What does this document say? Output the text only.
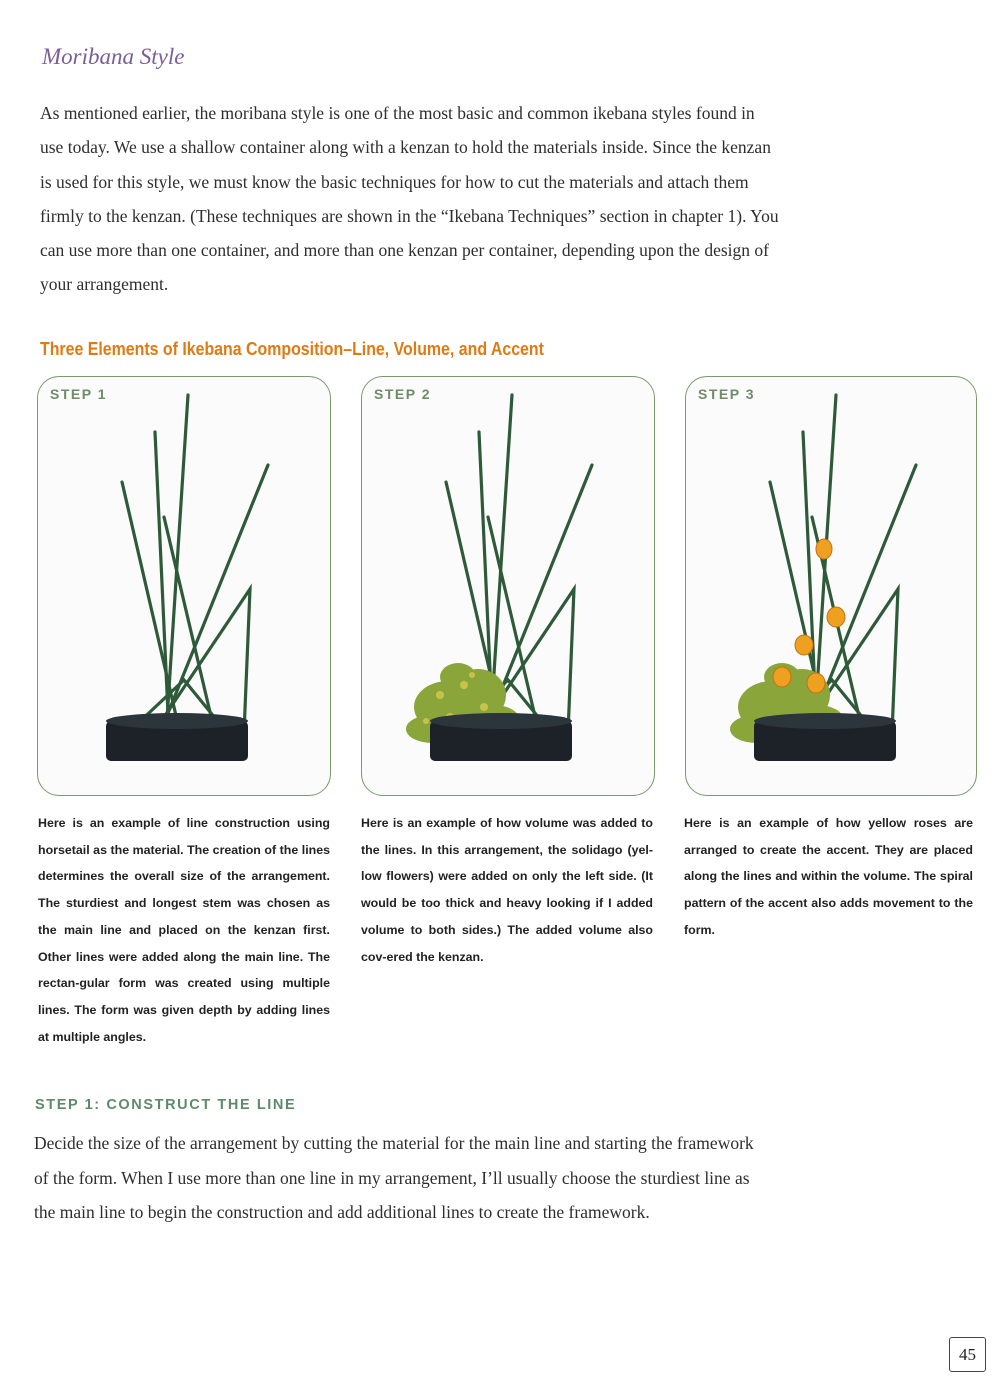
Moribana Style
As mentioned earlier, the moribana style is one of the most basic and common ikebana styles found in use today. We use a shallow container along with a kenzan to hold the materials inside. Since the kenzan is used for this style, we must know the basic techniques for how to cut the materials and attach them firmly to the kenzan. (These techniques are shown in the “Ikebana Techniques” section in chapter 1). You can use more than one container, and more than one kenzan per container, depending upon the design of your arrangement.
Three Elements of Ikebana Composition–Line, Volume, and Accent
STEP 1	STEP 2	STEP 3
Here is an example of line construction using horsetail as the material. The creation of the lines determines the overall size of the arrangement. The sturdiest and longest stem was chosen as the main line and placed on the kenzan first. Other lines were added along the main line. The rectan-gular form was created using multiple lines. The form was given depth by adding lines at multiple angles.
Here is an example of how volume was added to the lines. In this arrangement, the solidago (yel-low flowers) were added on only the left side. (It would be too thick and heavy looking if I added volume to both sides.) The added volume also cov-ered the kenzan.
Here is an example of how yellow roses are arranged to create the accent. They are placed along the lines and within the volume. The spiral pattern of the accent also adds movement to the form.
STEP 1: CONSTRUCT THE LINE
Decide the size of the arrangement by cutting the material for the main line and starting the framework of the form. When I use more than one line in my arrangement, I’ll usually choose the sturdiest line as the main line to begin the construction and add additional lines to create the framework.
45
